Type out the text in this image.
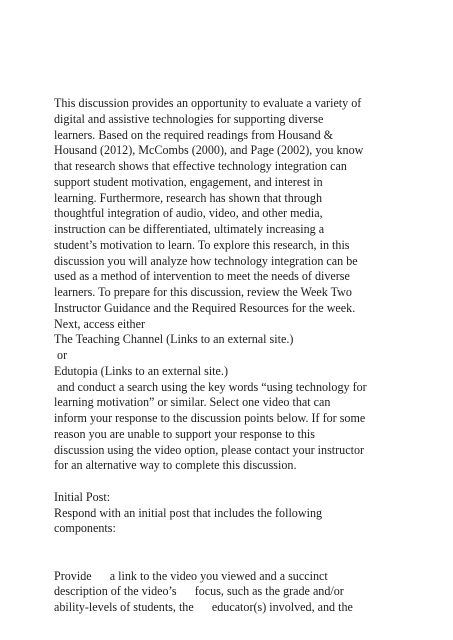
This discussion provides an opportunity to evaluate a variety of
digital and assistive technologies for supporting diverse
learners. Based on the required readings from Housand &
Housand (2012), McCombs (2000), and Page (2002), you know
that research shows that effective technology integration can
support student motivation, engagement, and interest in
learning. Furthermore, research has shown that through
thoughtful integration of audio, video, and other media,
instruction can be differentiated, ultimately increasing a
student’s motivation to learn. To explore this research, in this
discussion you will analyze how technology integration can be
used as a method of intervention to meet the needs of diverse
learners. To prepare for this discussion, review the Week Two
Instructor Guidance and the Required Resources for the week.
Next, access either
The Teaching Channel (Links to an external site.)
or
Edutopia (Links to an external site.)
and conduct a search using the key words “using technology for
learning motivation” or similar. Select one video that can
inform your response to the discussion points below. If for some
reason you are unable to support your response to this
discussion using the video option, please contact your instructor
for an alternative way to complete this discussion.
Initial Post:
Respond with an initial post that includes the following
components:
Provide      a link to the video you viewed and a succinct
description of the video’s      focus, such as the grade and/or
ability-levels of students, the      educator(s) involved, and the
